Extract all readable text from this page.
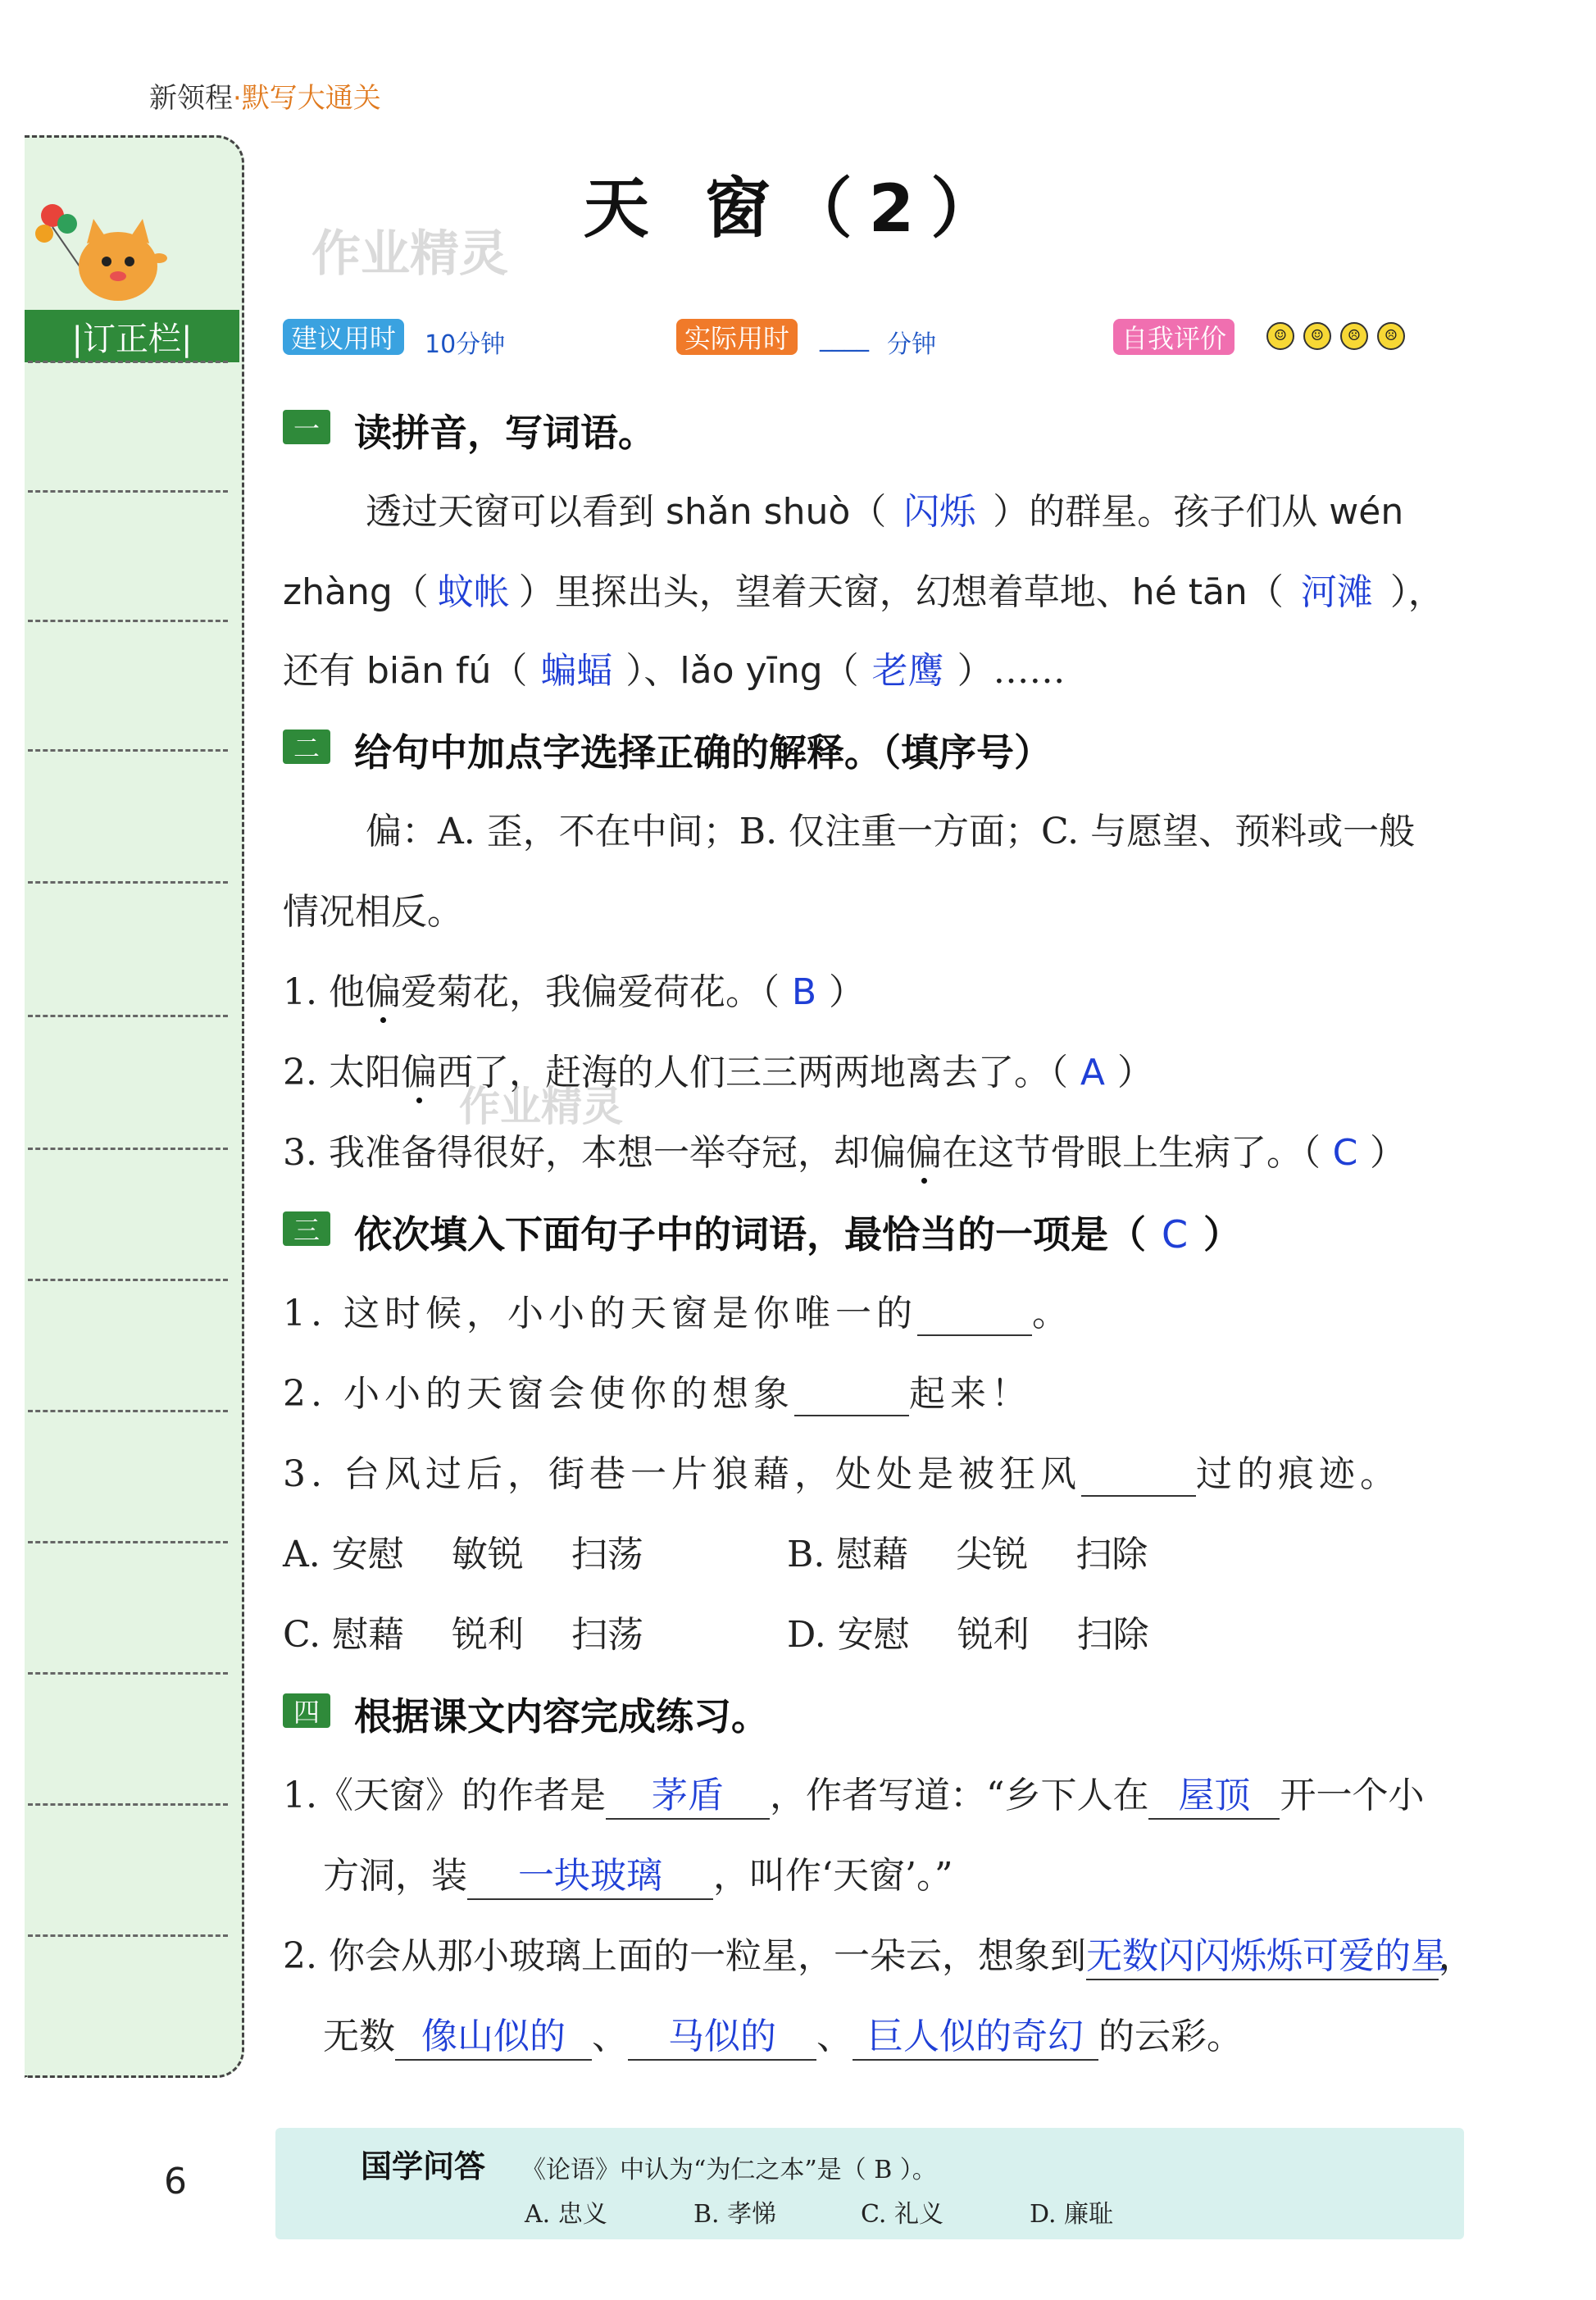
新领程·默写大通关
作业精灵
|订正栏|
天 窗（2）
建议用时	10分钟	实际用时	____ 分钟	自我评价	☺	☺	☹	☹
一 读拼音，写词语。
透过天窗可以看到 shǎn shuò（ 闪烁 ）的群星。孩子们从 wén
zhàng（ 蚊帐 ）里探出头，望着天窗，幻想着草地、hé tān（ 河滩 ），
还有 biān fú（ 蝙蝠 ）、lǎo yīng（ 老鹰 ）……
二 给句中加点字选择正确的解释。（填序号）
偏：A. 歪，不在中间；B. 仅注重一方面；C. 与愿望、预料或一般
情况相反。
1. 他偏爱菊花，我偏爱荷花。（ B ）
2. 太阳偏西了，赶海的人们三三两两地离去了。（ A ）
作业精灵
3. 我准备得很好，本想一举夺冠，却偏偏在这节骨眼上生病了。（ C ）
三 依次填入下面句子中的词语，最恰当的一项是（ C ）
1. 这时候，小小的天窗是你唯一的	。
2. 小小的天窗会使你的想象	起来！
3. 台风过后，街巷一片狼藉，处处是被狂风	过的痕迹。
A. 安慰　 敏锐　 扫荡	B. 慰藉　 尖锐　 扫除
C. 慰藉　 锐利　 扫荡	D. 安慰　 锐利　 扫除
四 根据课文内容完成练习。
1.《天窗》的作者是 茅盾 ，作者写道：“乡下人在 屋顶 开一个小
方洞，装 一块玻璃 ，叫作‘天窗’。”
2. 你会从那小玻璃上面的一粒星，一朵云，想象到无数闪闪烁烁可爱的星，
无数 像山似的 、 马似的 、 巨人似的奇幻 的云彩。
国学问答 《论语》中认为“为仁之本”是（ B ）。
A. 忠义	B. 孝悌	C. 礼义	D. 廉耻
6
